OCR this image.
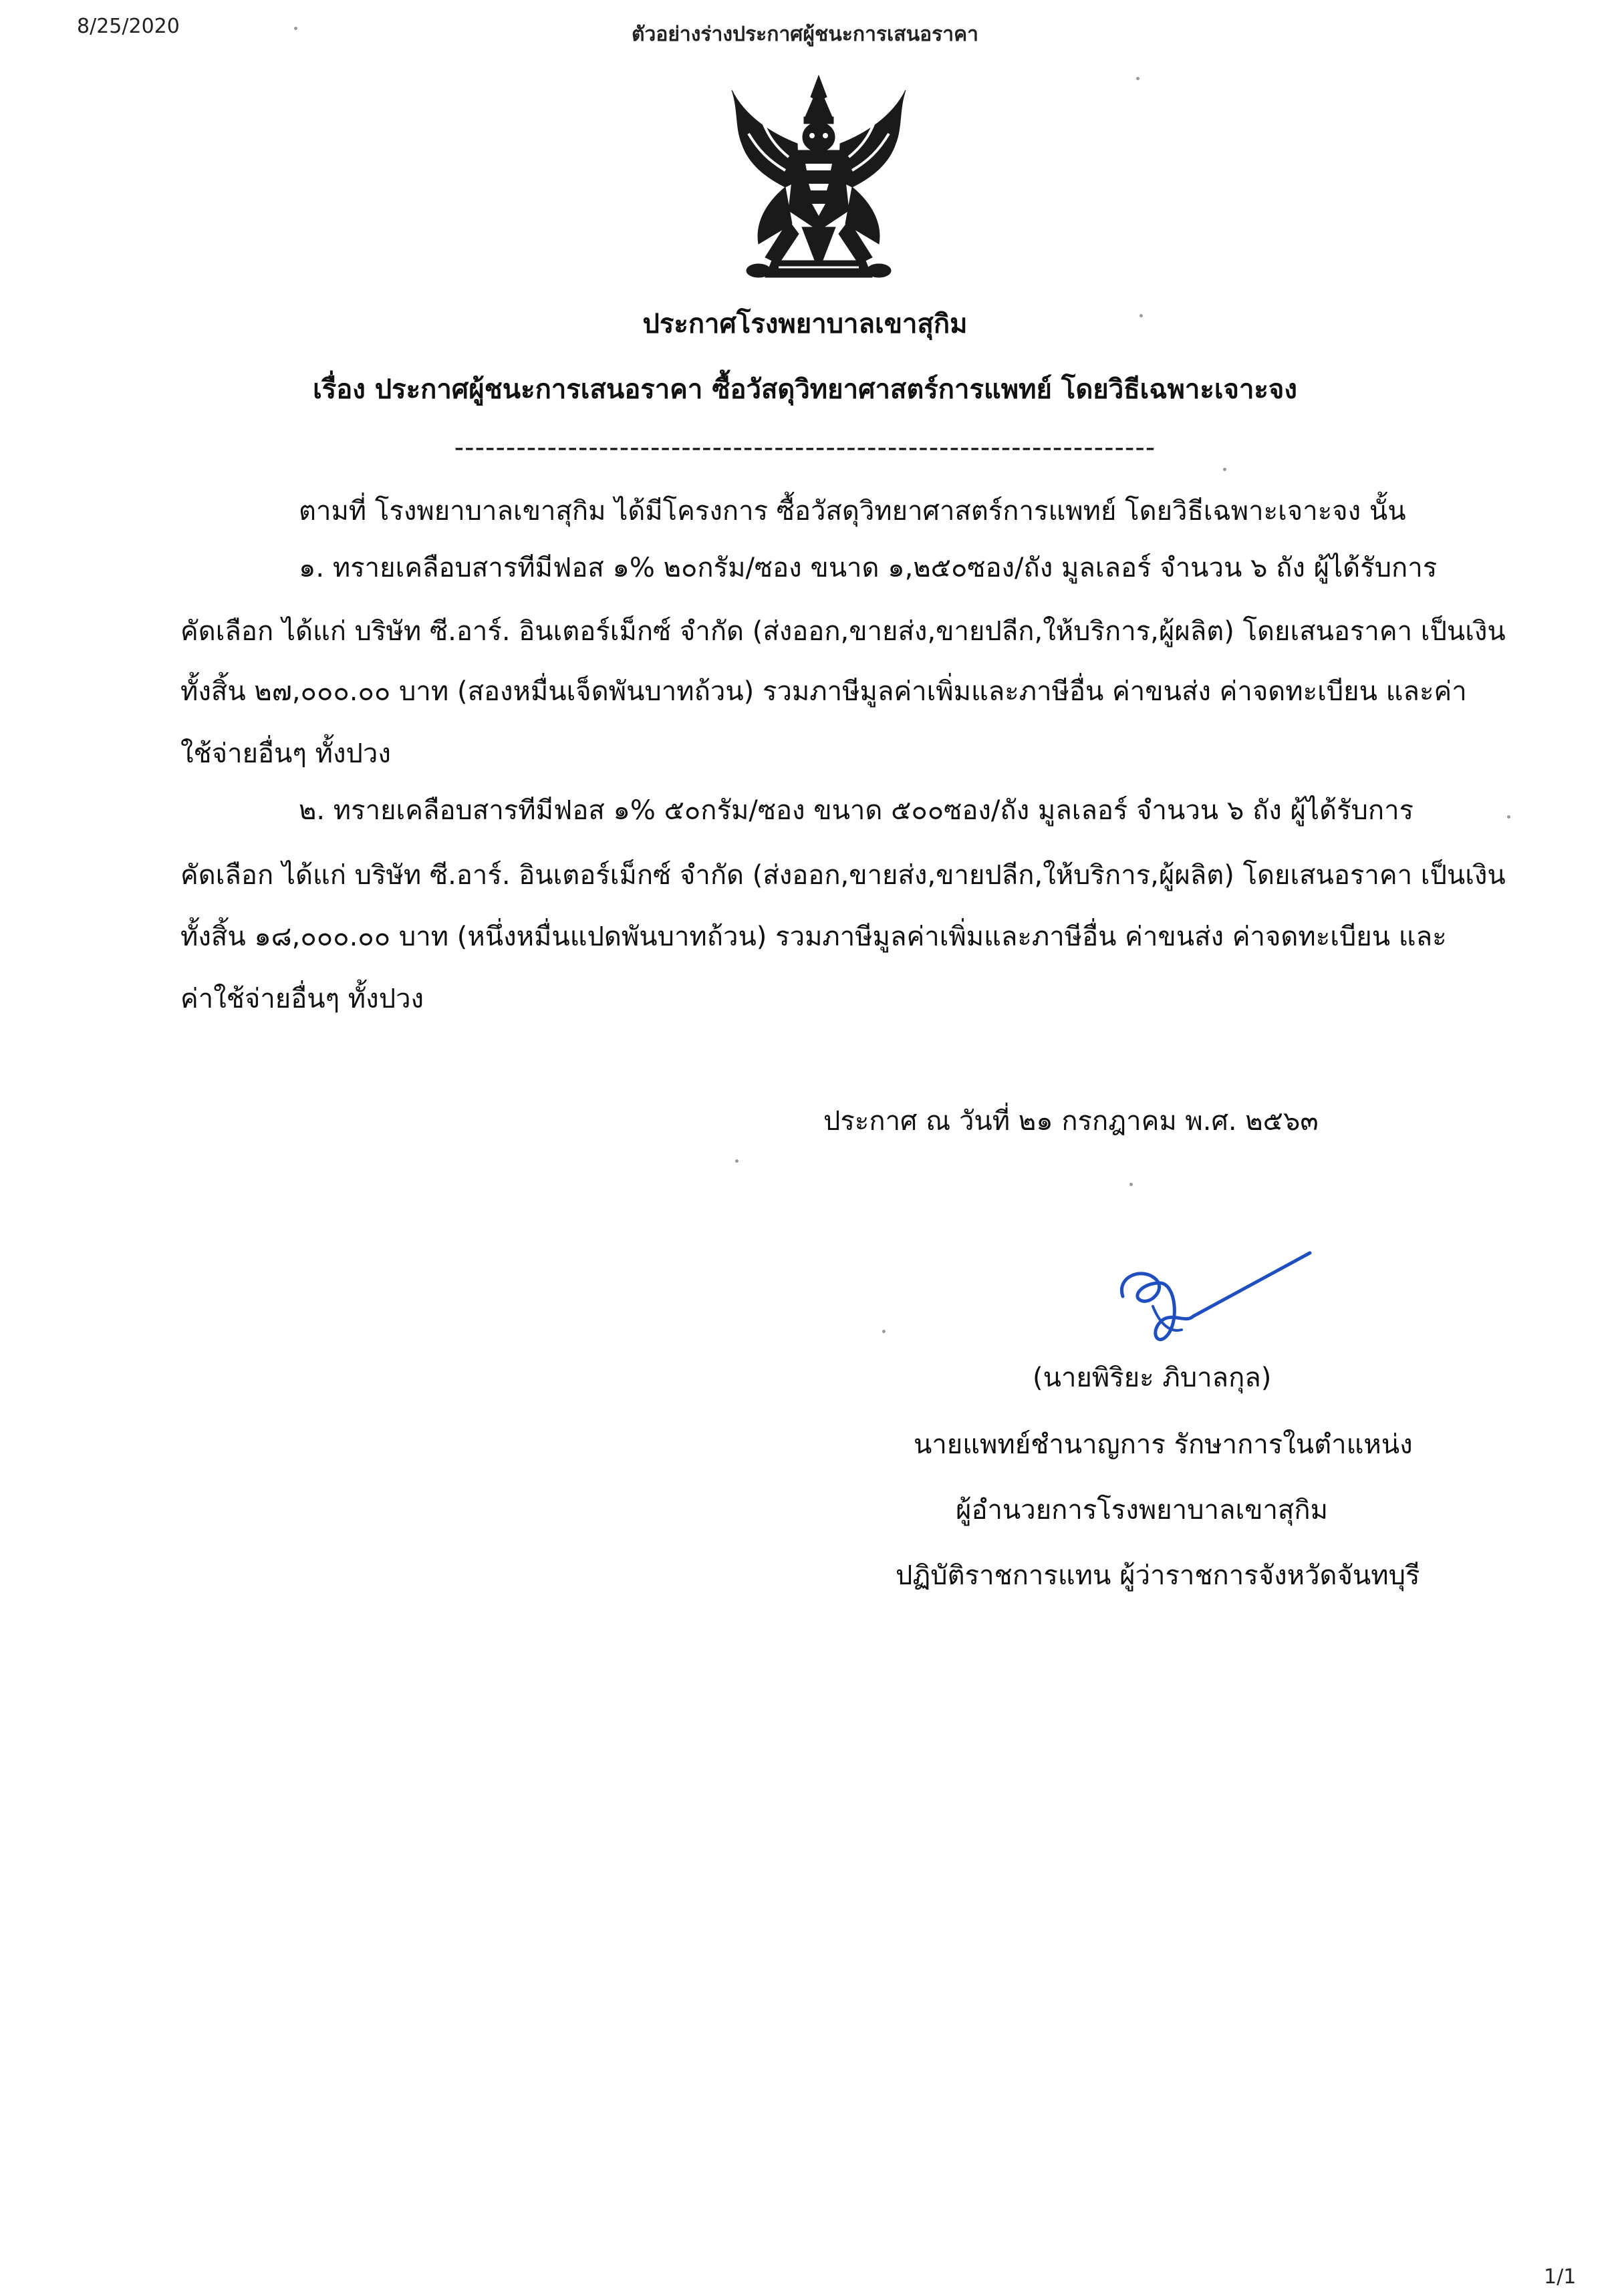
8/25/2020	ตัวอย่างร่างประกาศผู้ชนะการเสนอราคา
ประกาศโรงพยาบาลเขาสุกิม
เรื่อง ประกาศผู้ชนะการเสนอราคา ซื้อวัสดุวิทยาศาสตร์การแพทย์ โดยวิธีเฉพาะเจาะจง
--------------------------------------------------------------------
ตามที่ โรงพยาบาลเขาสุกิม ได้มีโครงการ ซื้อวัสดุวิทยาศาสตร์การแพทย์ โดยวิธีเฉพาะเจาะจง นั้น
๑. ทรายเคลือบสารทีมีฟอส ๑% ๒๐กรัม/ซอง ขนาด ๑,๒๕๐ซอง/ถัง มูลเลอร์ จำนวน ๖ ถัง ผู้ได้รับการ
คัดเลือก ได้แก่ บริษัท ซี.อาร์. อินเตอร์เม็กซ์ จำกัด (ส่งออก,ขายส่ง,ขายปลีก,ให้บริการ,ผู้ผลิต) โดยเสนอราคา เป็นเงิน
ทั้งสิ้น ๒๗,๐๐๐.๐๐ บาท (สองหมื่นเจ็ดพันบาทถ้วน) รวมภาษีมูลค่าเพิ่มและภาษีอื่น ค่าขนส่ง ค่าจดทะเบียน และค่า
ใช้จ่ายอื่นๆ ทั้งปวง
๒. ทรายเคลือบสารทีมีฟอส ๑% ๕๐กรัม/ซอง ขนาด ๕๐๐ซอง/ถัง มูลเลอร์ จำนวน ๖ ถัง ผู้ได้รับการ
คัดเลือก ได้แก่ บริษัท ซี.อาร์. อินเตอร์เม็กซ์ จำกัด (ส่งออก,ขายส่ง,ขายปลีก,ให้บริการ,ผู้ผลิต) โดยเสนอราคา เป็นเงิน
ทั้งสิ้น ๑๘,๐๐๐.๐๐ บาท (หนึ่งหมื่นแปดพันบาทถ้วน) รวมภาษีมูลค่าเพิ่มและภาษีอื่น ค่าขนส่ง ค่าจดทะเบียน และ
ค่าใช้จ่ายอื่นๆ ทั้งปวง
ประกาศ ณ วันที่ ๒๑ กรกฎาคม พ.ศ. ๒๕๖๓
(นายพิริยะ ภิบาลกุล)
นายแพทย์ชำนาญการ รักษาการในตำแหน่ง
ผู้อำนวยการโรงพยาบาลเขาสุกิม
ปฏิบัติราชการแทน ผู้ว่าราชการจังหวัดจันทบุรี
1/1
